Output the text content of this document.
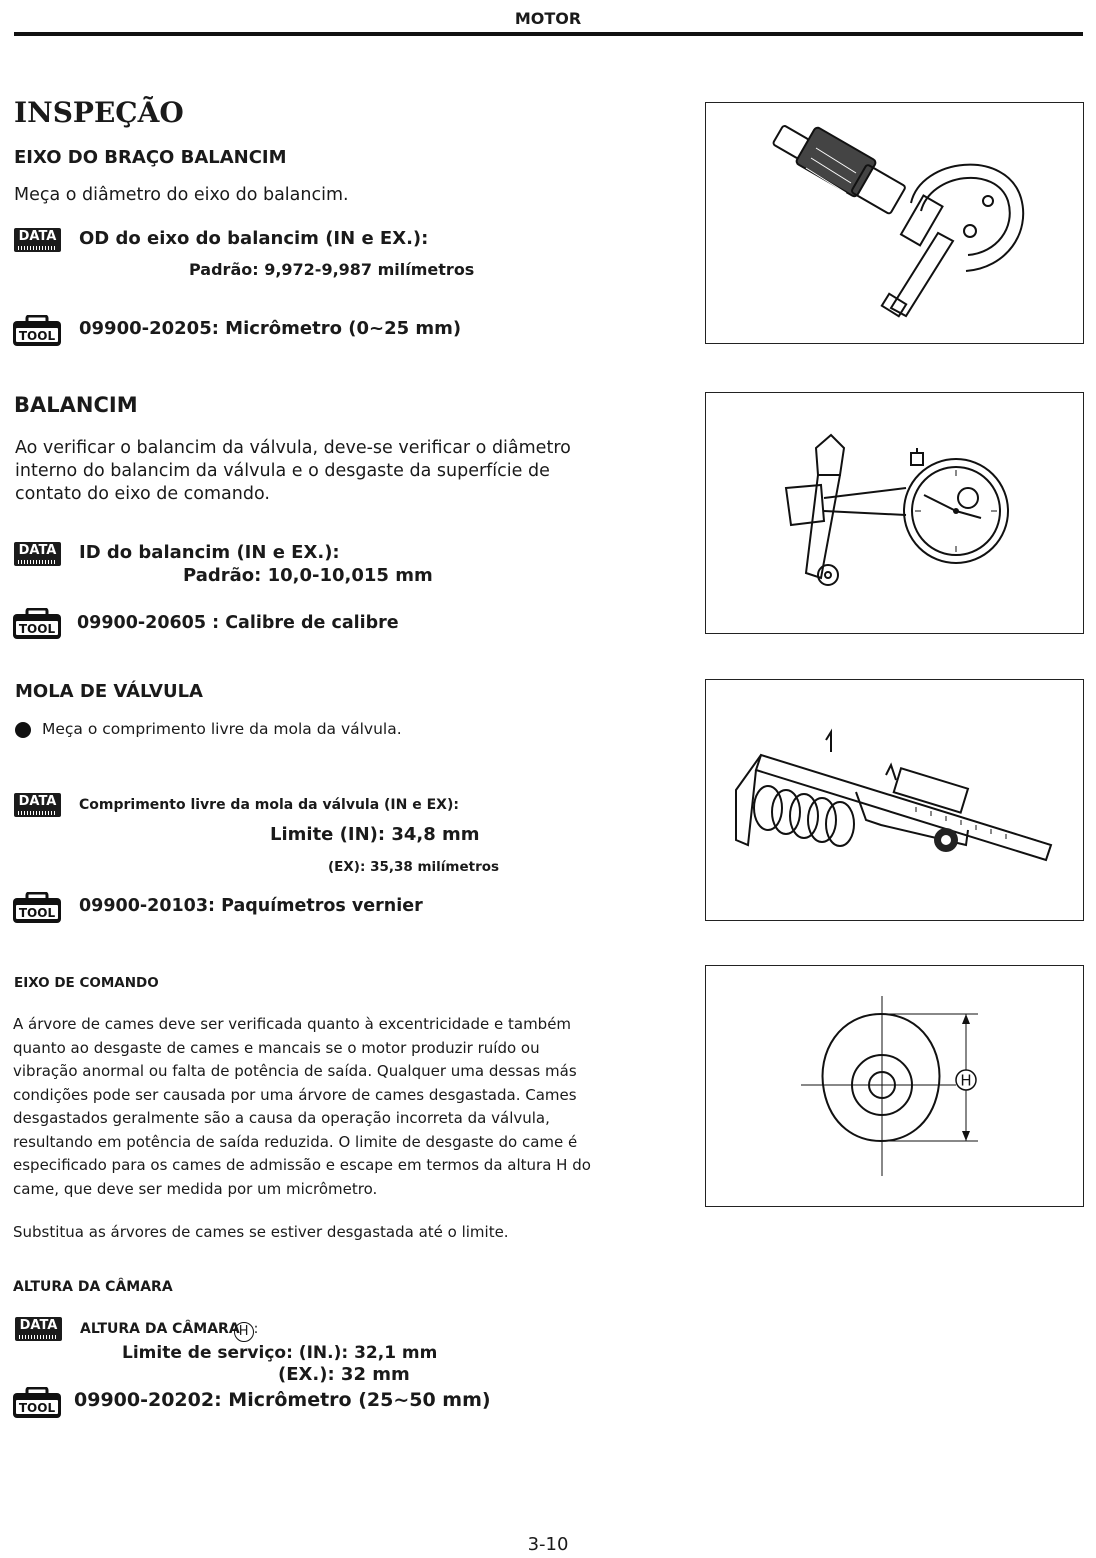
MOTOR
INSPEÇÃO
EIXO DO BRAÇO BALANCIM
Meça o diâmetro do eixo do balancim.
DATA OD do eixo do balancim (IN e EX.):
Padrão: 9,972-9,987 milímetros
TOOL 09900-20205: Micrômetro (0~25 mm)
BALANCIM
Ao verificar o balancim da válvula, deve-se verificar o diâmetro
interno do balancim da válvula e o desgaste da superfície de
contato do eixo de comando.
DATA ID do balancim (IN e EX.):
Padrão: 10,0-10,015 mm
TOOL 09900-20605 : Calibre de calibre
MOLA DE VÁLVULA
Meça o comprimento livre da mola da válvula.
DATA	Comprimento livre da mola da válvula (IN e EX):
Limite (IN): 34,8 mm
(EX): 35,38 milímetros
TOOL 09900-20103: Paquímetros vernier
EIXO DE COMANDO
A árvore de cames deve ser verificada quanto à excentricidade e também
quanto ao desgaste de cames e mancais se o motor produzir ruído ou
vibração anormal ou falta de potência de saída. Qualquer uma dessas más
condições pode ser causada por uma árvore de cames desgastada. Cames
desgastados geralmente são a causa da operação incorreta da válvula,
resultando em potência de saída reduzida. O limite de desgaste do came é
especificado para os cames de admissão e escape em termos da altura H do
came, que deve ser medida por um micrômetro.
Substitua as árvores de cames se estiver desgastada até o limite.
ALTURA DA CÂMARA
DATA	ALTURA DA CÂMARAH :
Limite de serviço: (IN.): 32,1 mm
(EX.): 32 mm
TOOL 09900-20202: Micrômetro (25~50 mm)
H
3-10
